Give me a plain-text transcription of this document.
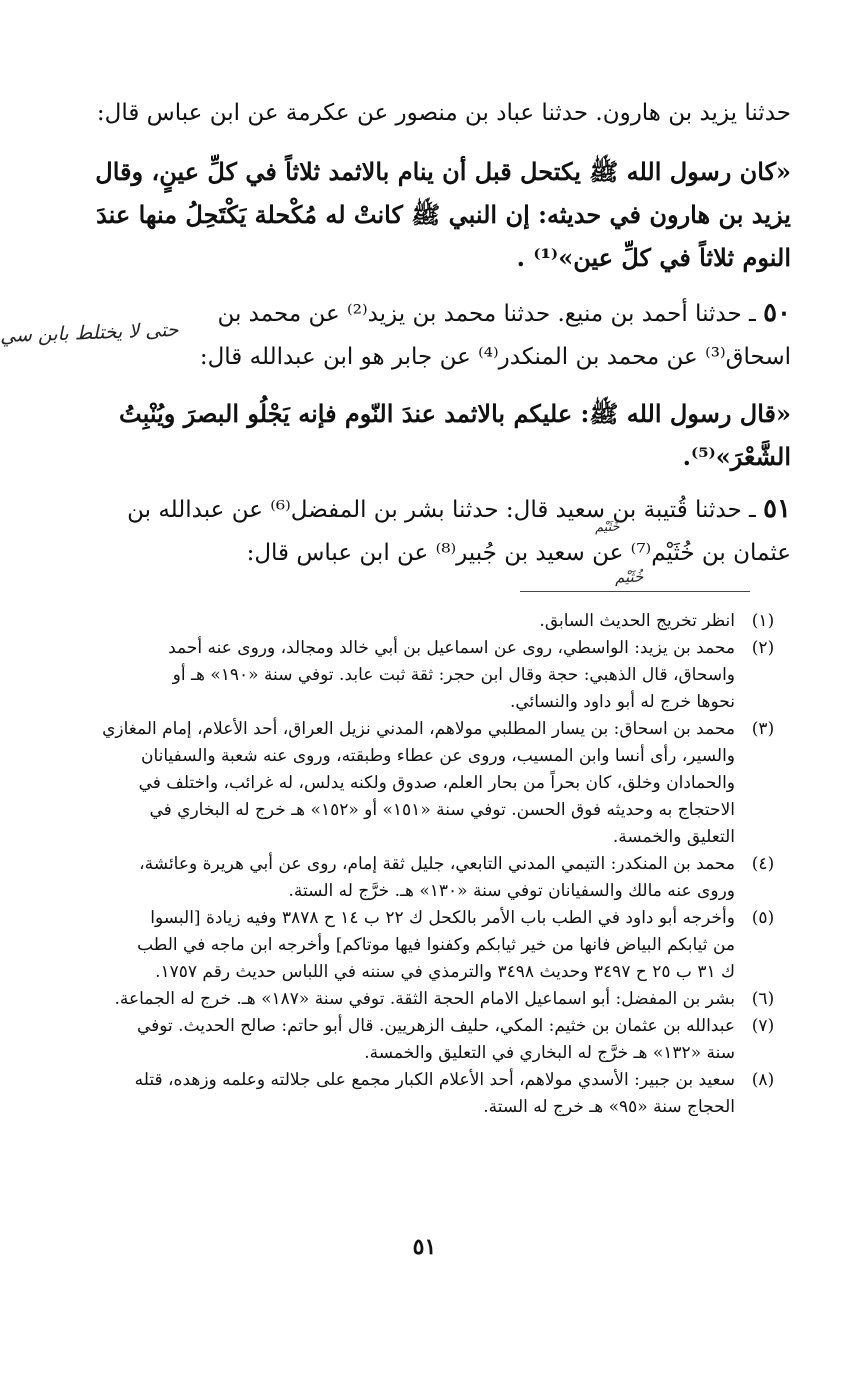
حدثنا يزيد بن هارون. حدثنا عباد بن منصور عن عكرمة عن ابن عباس قال:
«كان رسول الله ﷺ يكتحل قبل أن ينام بالاثمد ثلاثاً في كلِّ عينٍ، وقال
يزيد بن هارون في حديثه: إن النبي ﷺ كانتْ له مُكْحلة يَكْتَحِلُ منها عندَ
النوم ثلاثاً في كلِّ عين»⁽¹⁾ .
٥٠ ـ حدثنا أحمد بن منيع. حدثنا محمد بن يزيد⁽²⁾ عن محمد بن
اسحاق⁽³⁾ عن محمد بن المنكدر⁽⁴⁾ عن جابر هو ابن عبدالله قال:
حتى لا يختلط بابن سي
«قال رسول الله ﷺ: عليكم بالاثمد عندَ النّوم فإنه يَجْلُو البصرَ ويُنْبِتُ
الشَّعْرَ»⁽⁵⁾.
٥١ ـ حدثنا قُتيبة بن سعيد قال: حدثنا بشر بن المفضل⁽⁶⁾ عن عبدالله بن
عثمان بن خُثَيْم⁽⁷⁾ عن سعيد بن جُبير⁽⁸⁾ عن ابن عباس قال:
خُثَيْم
خُثَيْم
(١)
انظر تخريج الحديث السابق.
(٢)
محمد بن يزيد: الواسطي، روى عن اسماعيل بن أبي خالد ومجالد، وروى عنه أحمد
واسحاق، قال الذهبي: حجة وقال ابن حجر: ثقة ثبت عابد. توفي سنة «١٩٠» هـ أو
نحوها خرج له أبو داود والنسائي.
(٣)
محمد بن اسحاق: بن يسار المطلبي مولاهم، المدني نزيل العراق، أحد الأعلام، إمام المغازي
والسير، رأى أنسا وابن المسيب، وروى عن عطاء وطبقته، وروى عنه شعبة والسفيانان
والحمادان وخلق، كان بحراً من بحار العلم، صدوق ولكنه يدلس، له غرائب، واختلف في
الاحتجاج به وحديثه فوق الحسن. توفي سنة «١٥١» أو «١٥٢» هـ خرج له البخاري في
التعليق والخمسة.
(٤)
محمد بن المنكدر: التيمي المدني التابعي، جليل ثقة إمام، روى عن أبي هريرة وعائشة،
وروى عنه مالك والسفيانان توفي سنة «١٣٠» هـ. خرَّج له الستة.
(٥)
وأخرجه أبو داود في الطب باب الأمر بالكحل ك ٢٢ ب ١٤ ح ٣٨٧٨ وفيه زيادة [البسوا
من ثيابكم البياض فانها من خير ثيابكم وكفنوا فيها موتاكم] وأخرجه ابن ماجه في الطب
ك ٣١ ب ٢٥ ح ٣٤٩٧ وحديث ٣٤٩٨ والترمذي في سننه في اللباس حديث رقم ١٧٥٧.
(٦)
بشر بن المفضل: أبو اسماعيل الامام الحجة الثقة. توفي سنة «١٨٧» هـ. خرج له الجماعة.
(٧)
عبدالله بن عثمان بن خثيم: المكي، حليف الزهريين. قال أبو حاتم: صالح الحديث. توفي
سنة «١٣٢» هـ خرَّج له البخاري في التعليق والخمسة.
(٨)
سعيد بن جبير: الأسدي مولاهم، أحد الأعلام الكبار مجمع على جلالته وعلمه وزهده، قتله
الحجاج سنة «٩٥» هـ خرج له الستة.
٥١
